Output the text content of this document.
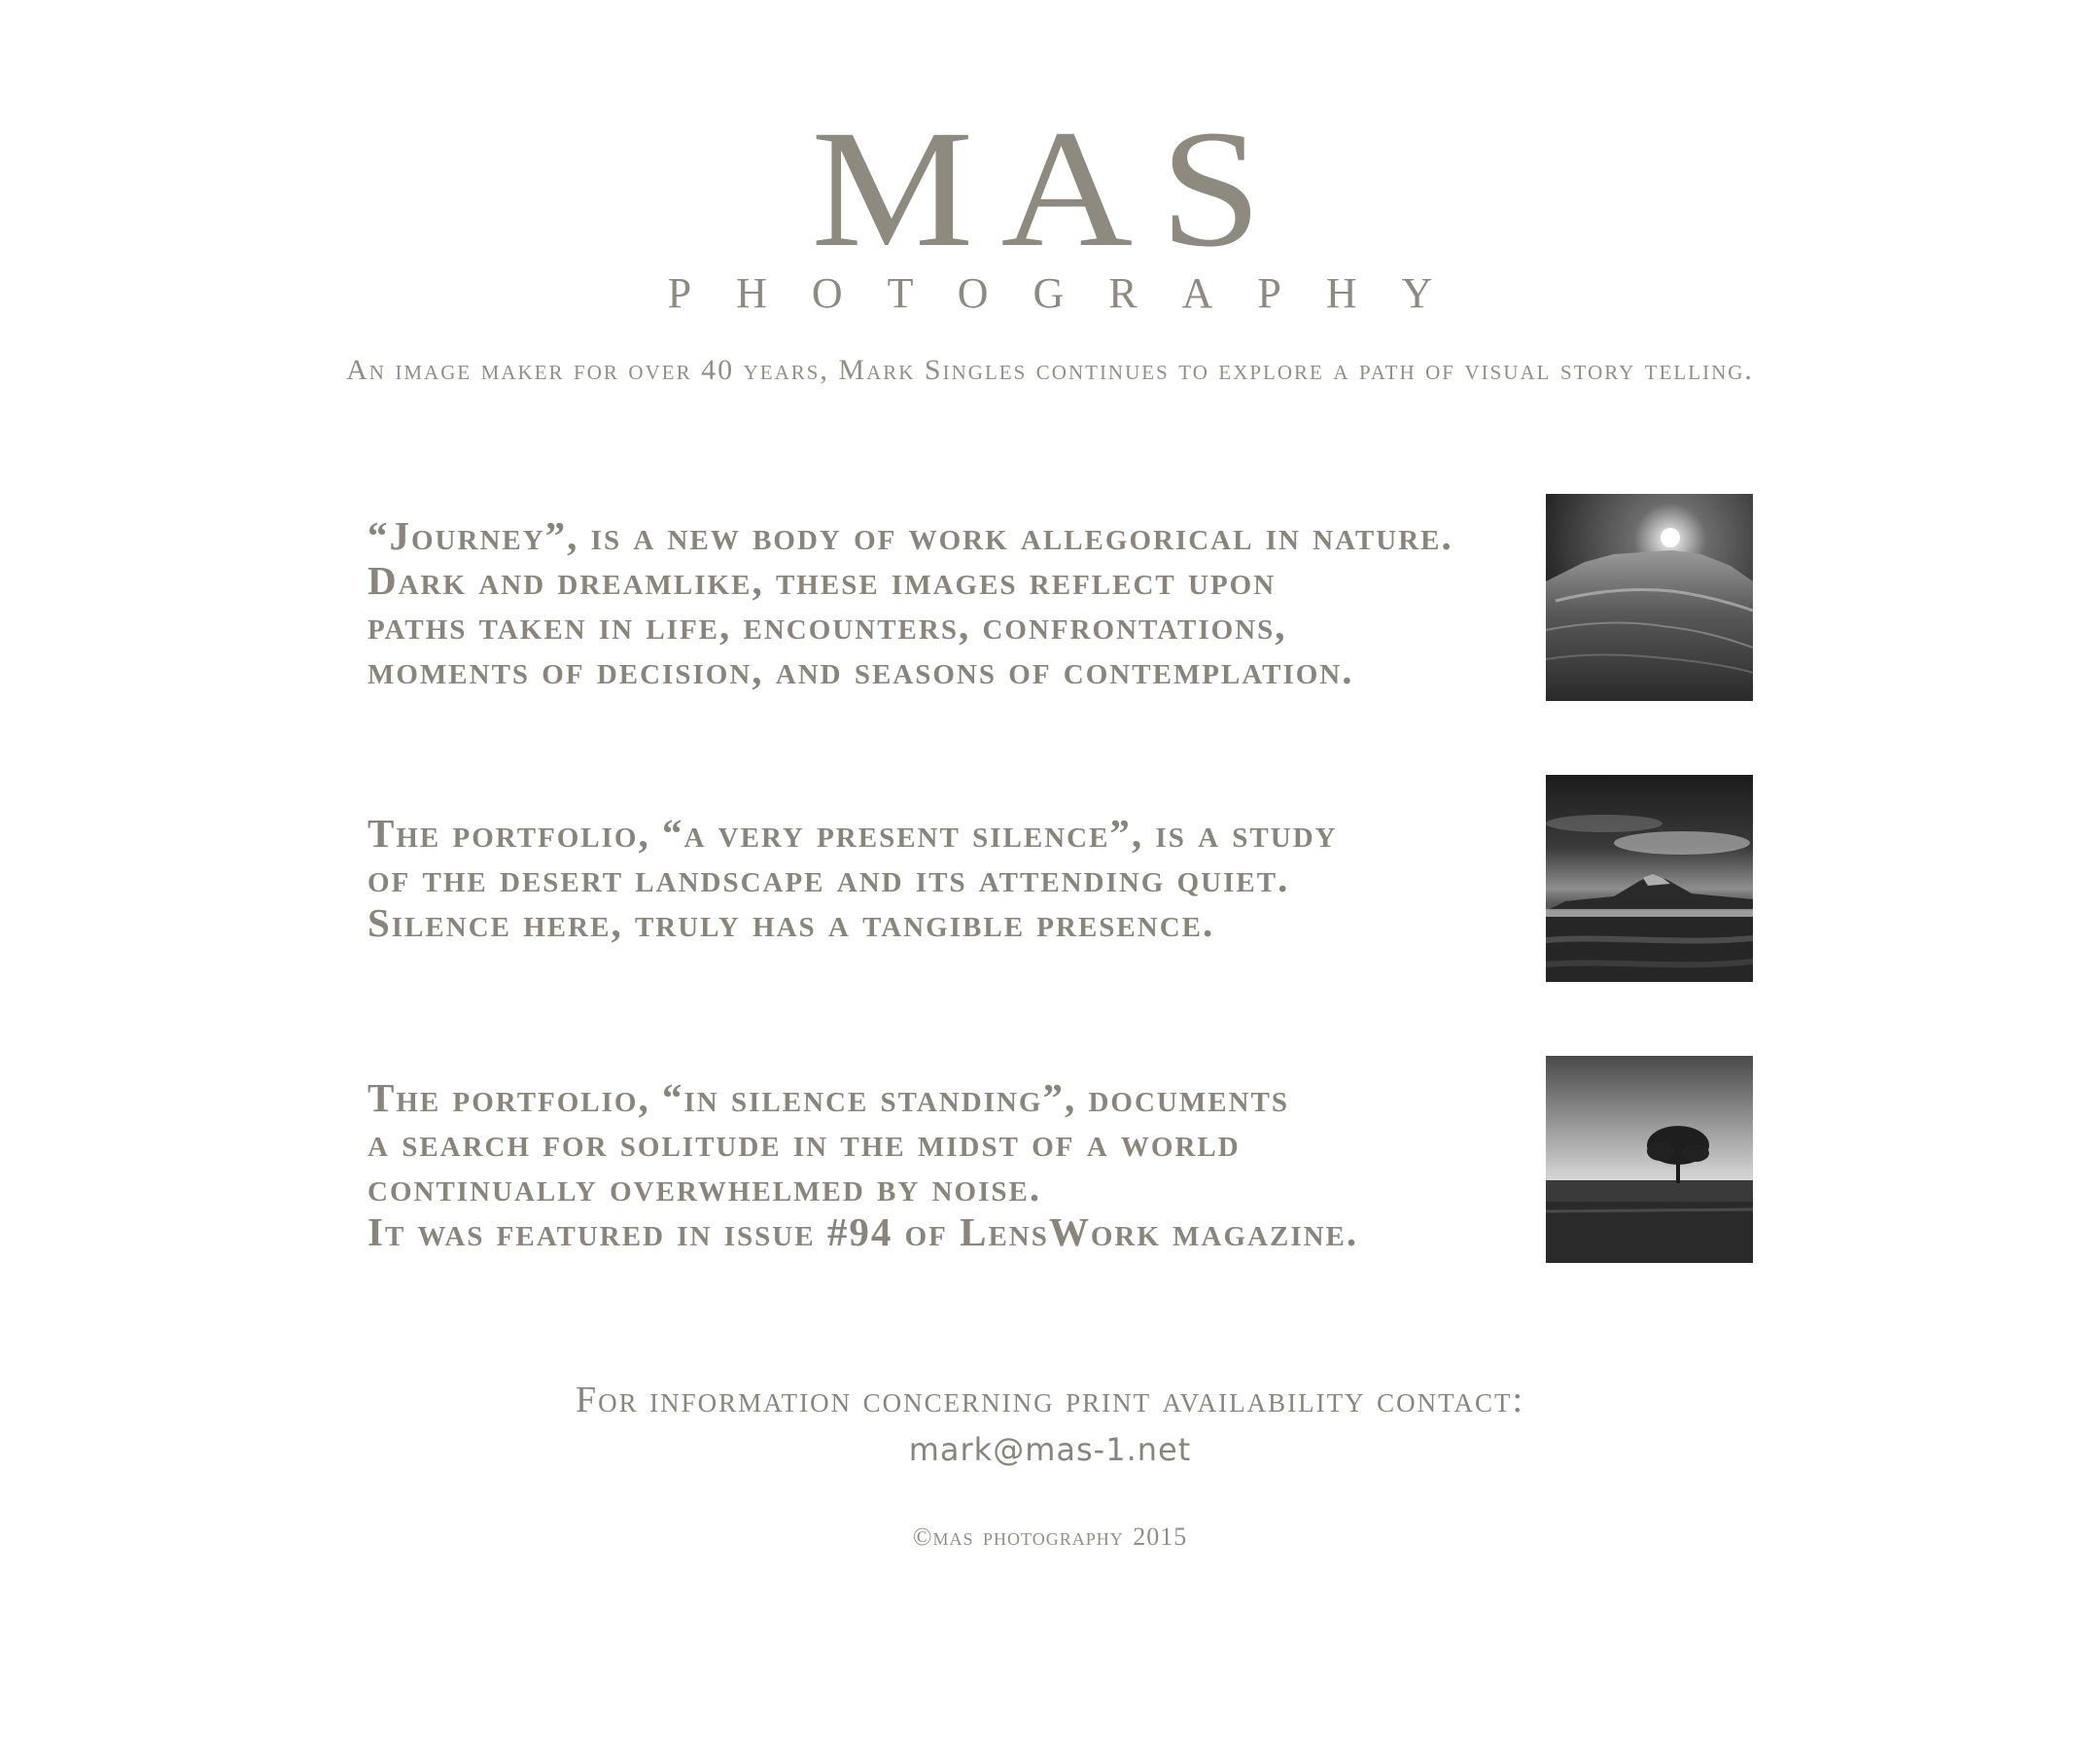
MAS
PHOTOGRAPHY
An image maker for over 40 years, Mark Singles continues to explore a path of visual story telling.
“Journey”, is a new body of work allegorical in nature.
Dark and dreamlike, these images reflect upon
paths taken in life, encounters, confrontations,
moments of decision, and seasons of contemplation.
The portfolio, “a very present silence”, is a study
of the desert landscape and its attending quiet.
Silence here, truly has a tangible presence.
The portfolio, “in silence standing”, documents
a search for solitude in the midst of a world
continually overwhelmed by noise.
It was featured in issue #94 of LensWork magazine.
For information concerning print availability contact:
mark@mas-1.net
©mas photography 2015
